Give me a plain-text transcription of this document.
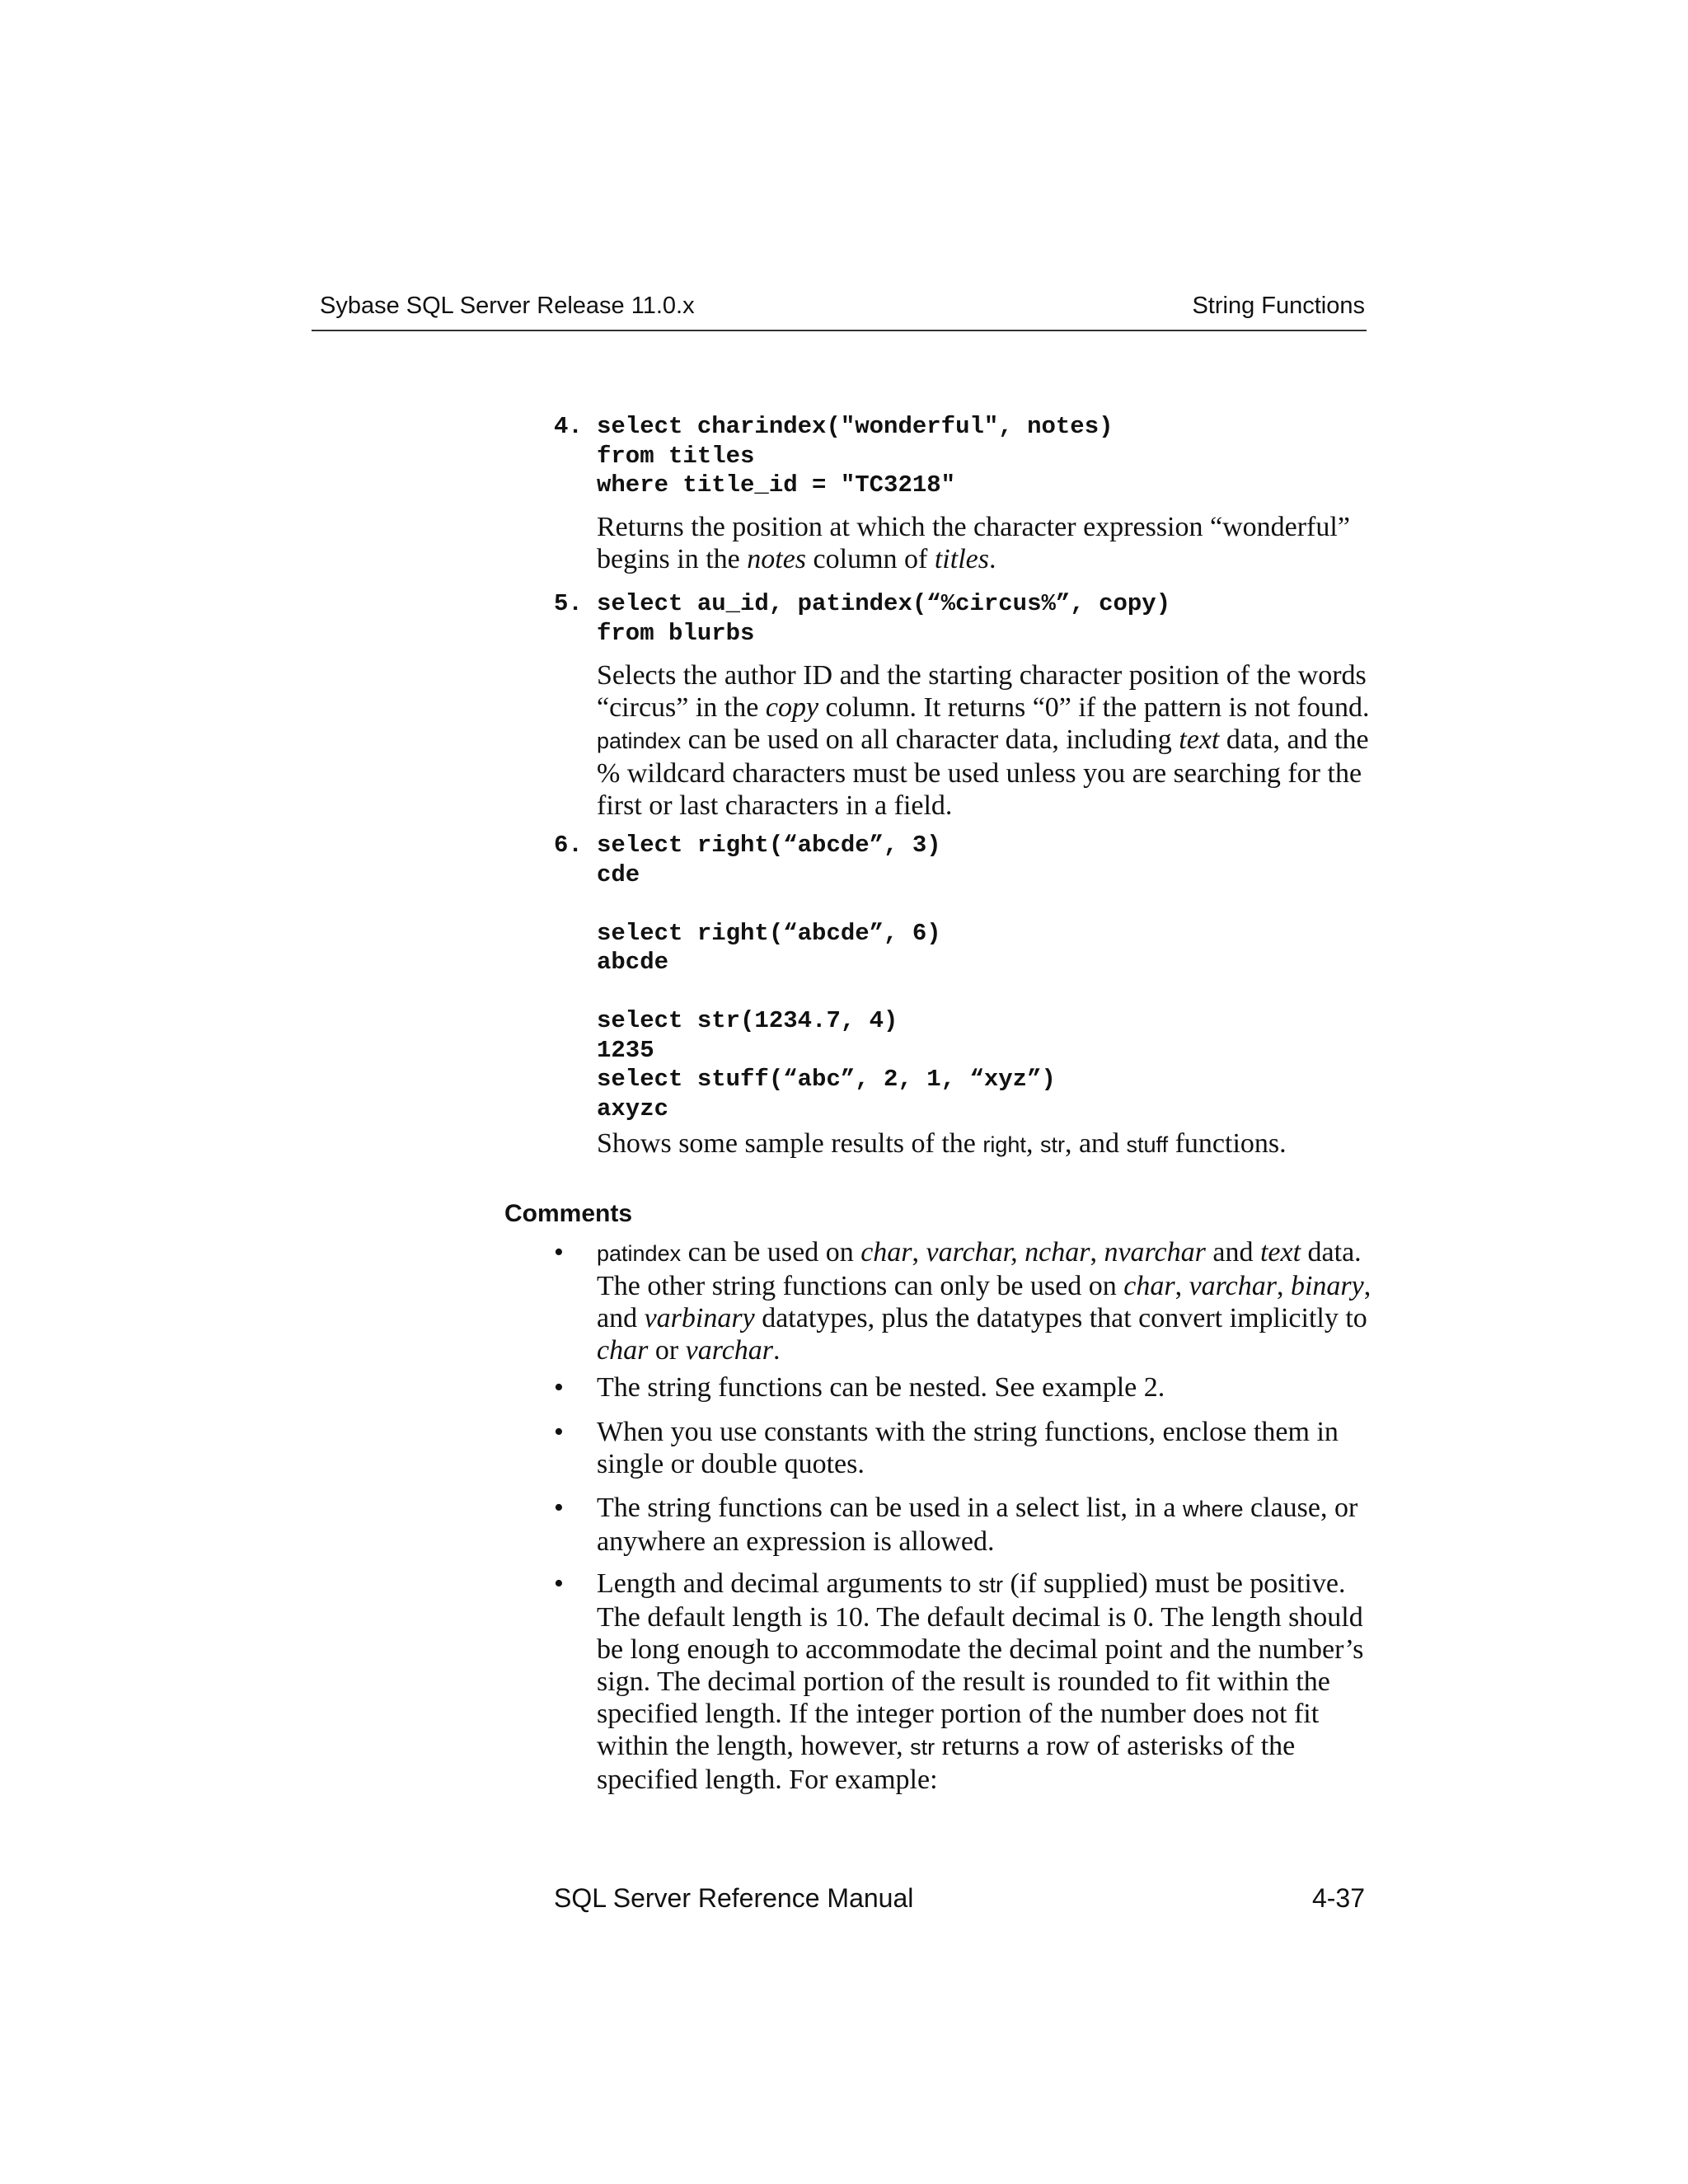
Sybase SQL Server Release 11.0.x	String Functions
4. select charindex("wonderful", notes)
from titles
where title_id = "TC3218"

Returns the position at which the character expression “wonderful” begins in the notes column of titles.

5. select au_id, patindex(“%circus%”, copy)
from blurbs

Selects the author ID and the starting character position of the words “circus” in the copy column. It returns “0” if the pattern is not found. patindex can be used on all character data, including text data, and the % wildcard characters must be used unless you are searching for the first or last characters in a field.

6. select right(“abcde”, 3)
cde

select right(“abcde”, 6)
abcde

select str(1234.7, 4)
1235
select stuff(“abc”, 2, 1, “xyz”)
axyzc

Shows some sample results of the right, str, and stuff functions.

Comments
• patindex can be used on char, varchar, nchar, nvarchar and text data. The other string functions can only be used on char, varchar, binary, and varbinary datatypes, plus the datatypes that convert implicitly to char or varchar.

• The string functions can be nested. See example 2.

• When you use constants with the string functions, enclose them in single or double quotes.

• The string functions can be used in a select list, in a where clause, or anywhere an expression is allowed.

• Length and decimal arguments to str (if supplied) must be positive. The default length is 10. The default decimal is 0. The length should be long enough to accommodate the decimal point and the number’s sign. The decimal portion of the result is rounded to fit within the specified length. If the integer portion of the number does not fit within the length, however, str returns a row of asterisks of the specified length. For example:

SQL Server Reference Manual	4-37
